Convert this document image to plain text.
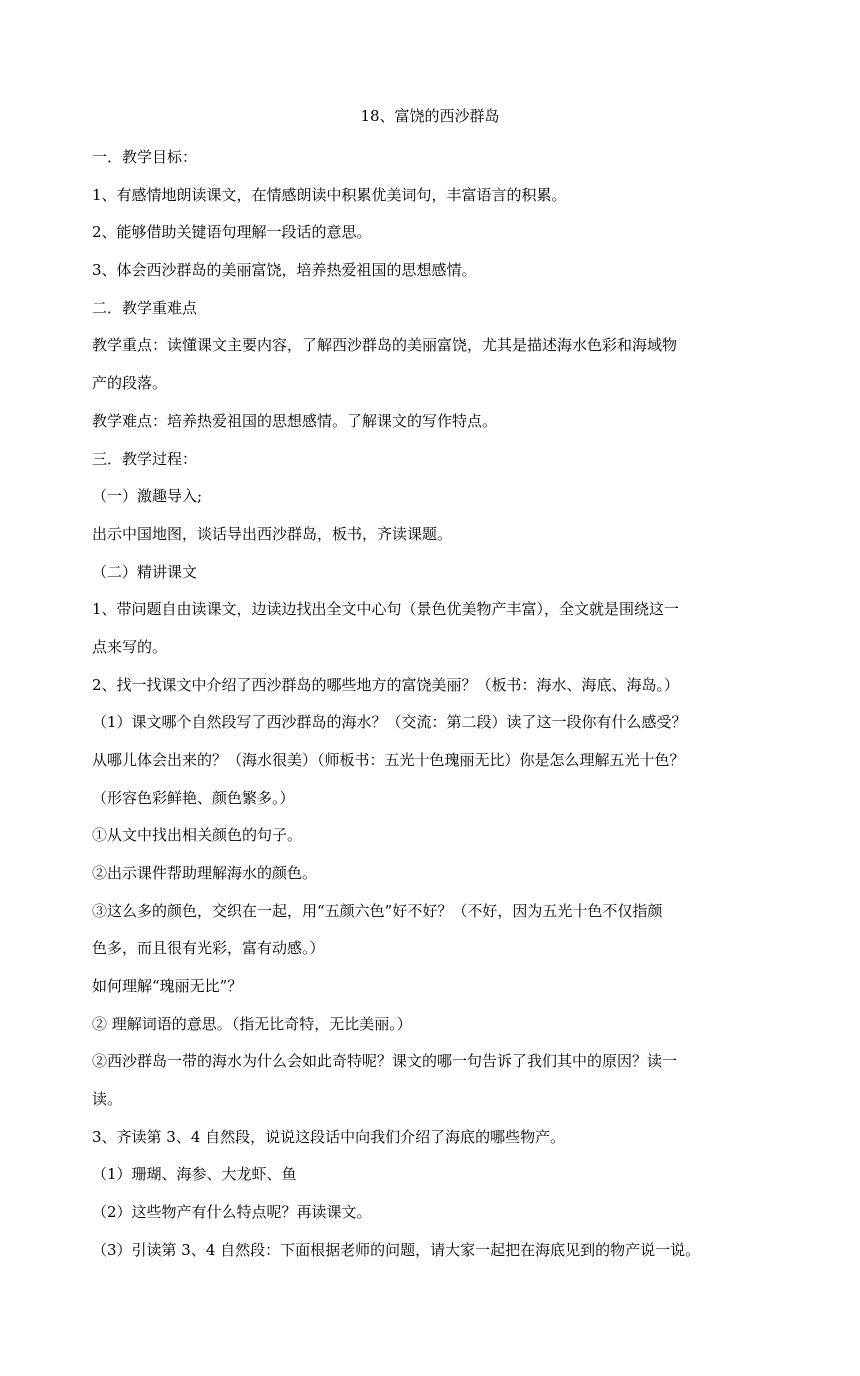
18、富饶的西沙群岛
一．教学目标：
1、有感情地朗读课文，在情感朗读中积累优美词句，丰富语言的积累。
2、能够借助关键语句理解一段话的意思。
3、体会西沙群岛的美丽富饶，培养热爱祖国的思想感情。
二．教学重难点
教学重点：读懂课文主要内容，了解西沙群岛的美丽富饶，尤其是描述海水色彩和海域物
产的段落。
教学难点：培养热爱祖国的思想感情。了解课文的写作特点。
三．教学过程：
（一）激趣导入;
出示中国地图，谈话导出西沙群岛，板书，齐读课题。
（二）精讲课文
1、带问题自由读课文，边读边找出全文中心句（景色优美物产丰富），全文就是围绕这一
点来写的。
2、找一找课文中介绍了西沙群岛的哪些地方的富饶美丽？（板书：海水、海底、海岛。）
（1）课文哪个自然段写了西沙群岛的海水？（交流：第二段）读了这一段你有什么感受？
从哪儿体会出来的？（海水很美）（师板书：五光十色瑰丽无比）你是怎么理解五光十色？
（形容色彩鲜艳、颜色繁多。）
①从文中找出相关颜色的句子。
②出示课件帮助理解海水的颜色。
③这么多的颜色，交织在一起，用“五颜六色”好不好？（不好，因为五光十色不仅指颜
色多，而且很有光彩，富有动感。）
如何理解“瑰丽无比”？
② 理解词语的意思。（指无比奇特，无比美丽。）
②西沙群岛一带的海水为什么会如此奇特呢？课文的哪一句告诉了我们其中的原因？读一
读。
3、齐读第 3、4 自然段，说说这段话中向我们介绍了海底的哪些物产。
（1）珊瑚、海参、大龙虾、鱼
（2）这些物产有什么特点呢？再读课文。
（3）引读第 3、4 自然段：下面根据老师的问题，请大家一起把在海底见到的物产说一说。
